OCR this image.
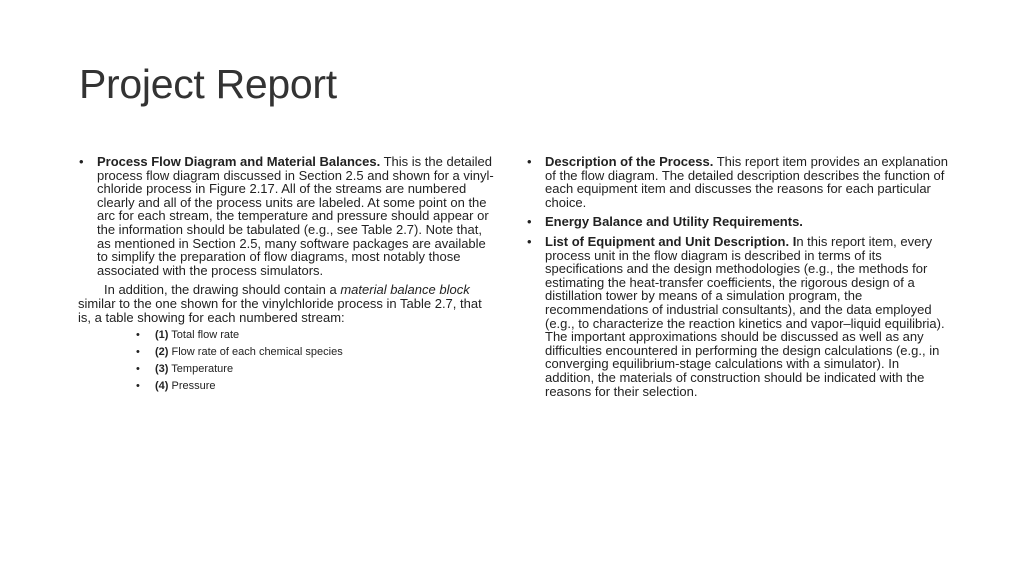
Project Report
• Process Flow Diagram and Material Balances. This is the detailed process flow diagram discussed in Section 2.5 and shown for a vinyl-chloride process in Figure 2.17. All of the streams are numbered clearly and all of the process units are labeled. At some point on the arc for each stream, the temperature and pressure should appear or the information should be tabulated (e.g., see Table 2.7). Note that, as mentioned in Section 2.5, many software packages are available to simplify the preparation of flow diagrams, most notably those associated with the process simulators.

In addition, the drawing should contain a material balance block similar to the one shown for the vinylchloride process in Table 2.7, that is, a table showing for each numbered stream:

• (1) Total flow rate
• (2) Flow rate of each chemical species
• (3) Temperature
• (4) Pressure
• Description of the Process. This report item provides an explanation of the flow diagram. The detailed description describes the function of each equipment item and discusses the reasons for each particular choice.
• Energy Balance and Utility Requirements.
• List of Equipment and Unit Description. In this report item, every process unit in the flow diagram is described in terms of its specifications and the design methodologies (e.g., the methods for estimating the heat-transfer coefficients, the rigorous design of a distillation tower by means of a simulation program, the recommendations of industrial consultants), and the data employed (e.g., to characterize the reaction kinetics and vapor–liquid equilibria). The important approximations should be discussed as well as any difficulties encountered in performing the design calculations (e.g., in converging equilibrium-stage calculations with a simulator). In addition, the materials of construction should be indicated with the reasons for their selection.
